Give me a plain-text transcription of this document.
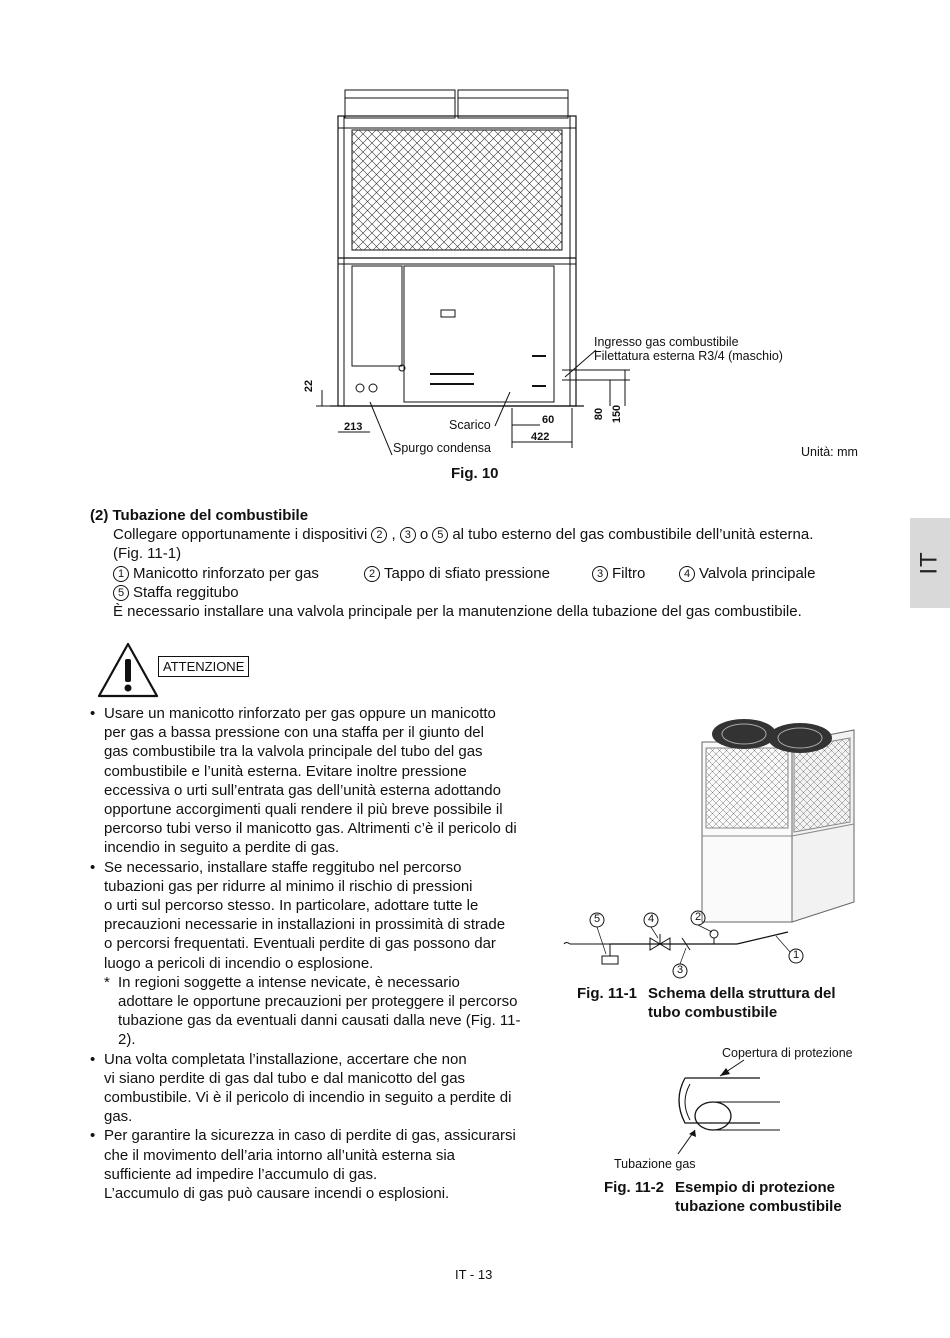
Ingresso gas combustibile
Filettatura esterna R3/4 (maschio)
Scarico
Spurgo condensa	Unità: mm
22
213
60
422
80 150
Fig. 10
IT
(2) Tubazione del combustibile
Collegare opportunamente i dispositivi 2 , 3 o 5 al tubo esterno del gas combustibile dell’unità esterna.
(Fig. 11-1)
1 Manicotto rinforzato per gas	2 Tappo di sfiato pressione	3 Filtro	4 Valvola principale
5 Staffa reggitubo
È necessario installare una valvola principale per la manutenzione della tubazione del gas combustibile.
ATTENZIONE
• Usare un manicotto rinforzato per gas oppure un manicotto
per gas a bassa pressione con una staffa per il giunto del
gas combustibile tra la valvola principale del tubo del gas
combustibile e l’unità esterna. Evitare inoltre pressione
eccessiva o urti sull’entrata gas dell’unità esterna adottando
opportune accorgimenti quali rendere il più breve possibile il
percorso tubi verso il manicotto gas. Altrimenti c’è il pericolo di
incendio in seguito a perdite di gas.
• Se necessario, installare staffe reggitubo nel percorso
tubazioni gas per ridurre al minimo il rischio di pressioni
o urti sul percorso stesso. In particolare, adottare tutte le
precauzioni necessarie in installazioni in prossimità di strade
o percorsi frequentati. Eventuali perdite di gas possono dar
luogo a pericoli di incendio o esplosione.
* In regioni soggette a intense nevicate, è necessario
adottare le opportune precauzioni per proteggere il percorso
tubazione gas da eventuali danni causati dalla neve (Fig. 11-
2).
• Una volta completata l’installazione, accertare che non
vi siano perdite di gas dal tubo e dal manicotto del gas
combustibile. Vi è il pericolo di incendio in seguito a perdite di
gas.
• Per garantire la sicurezza in caso di perdite di gas, assicurarsi
che il movimento dell’aria intorno all’unità esterna sia
sufficiente ad impedire l’accumulo di gas.
L’accumulo di gas può causare incendi o esplosioni.
5	4	2
3
1
Fig. 11-1 Schema della struttura del
tubo combustibile
Copertura di protezione
Tubazione gas
Fig. 11-2 Esempio di protezione
tubazione combustibile
IT - 13
